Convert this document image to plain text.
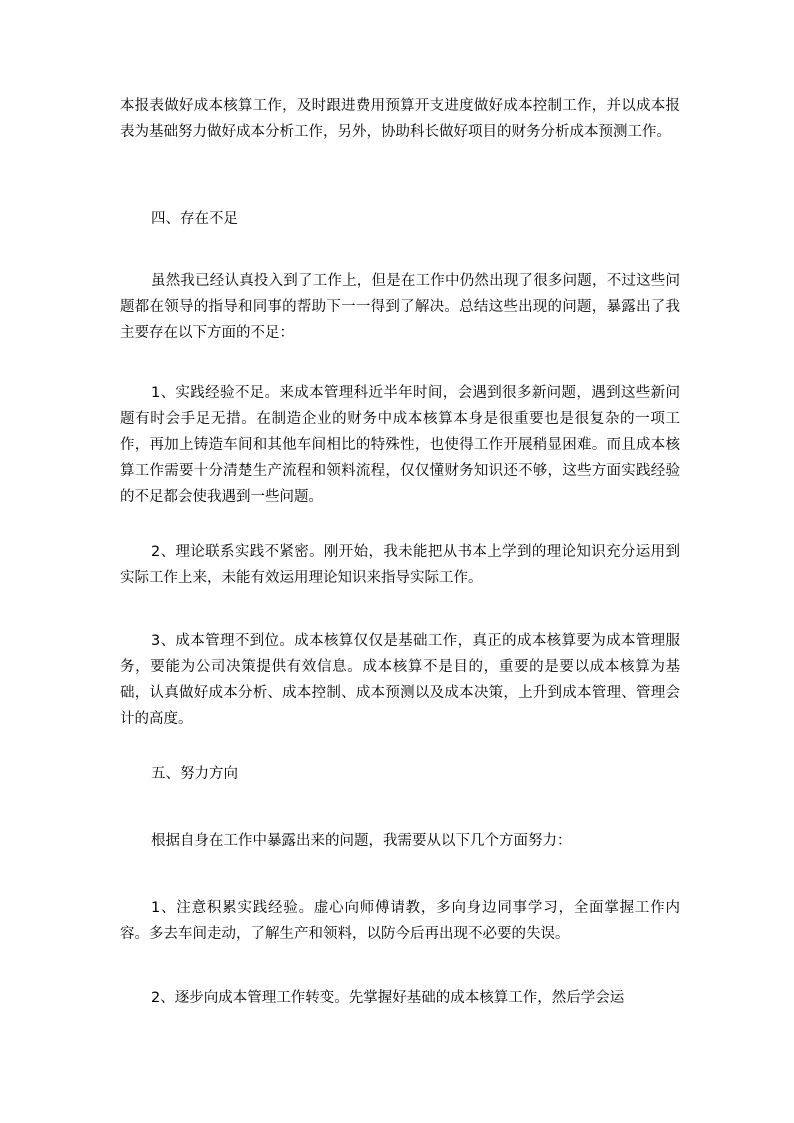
本报表做好成本核算工作，及时跟进费用预算开支进度做好成本控制工作，并以成本报表为基础努力做好成本分析工作，另外，协助科长做好项目的财务分析成本预测工作。

四、存在不足

虽然我已经认真投入到了工作上，但是在工作中仍然出现了很多问题，不过这些问题都在领导的指导和同事的帮助下一一得到了解决。总结这些出现的问题，暴露出了我主要存在以下方面的不足：

1、实践经验不足。来成本管理科近半年时间，会遇到很多新问题，遇到这些新问题有时会手足无措。在制造企业的财务中成本核算本身是很重要也是很复杂的一项工作，再加上铸造车间和其他车间相比的特殊性，也使得工作开展稍显困难。而且成本核算工作需要十分清楚生产流程和领料流程，仅仅懂财务知识还不够，这些方面实践经验的不足都会使我遇到一些问题。

2、理论联系实践不紧密。刚开始，我未能把从书本上学到的理论知识充分运用到实际工作上来，未能有效运用理论知识来指导实际工作。

3、成本管理不到位。成本核算仅仅是基础工作，真正的成本核算要为成本管理服务，要能为公司决策提供有效信息。成本核算不是目的，重要的是要以成本核算为基础，认真做好成本分析、成本控制、成本预测以及成本决策，上升到成本管理、管理会计的高度。

五、努力方向

根据自身在工作中暴露出来的问题，我需要从以下几个方面努力：

1、注意积累实践经验。虚心向师傅请教，多向身边同事学习，全面掌握工作内容。多去车间走动，了解生产和领料，以防今后再出现不必要的失误。

2、逐步向成本管理工作转变。先掌握好基础的成本核算工作，然后学会运
